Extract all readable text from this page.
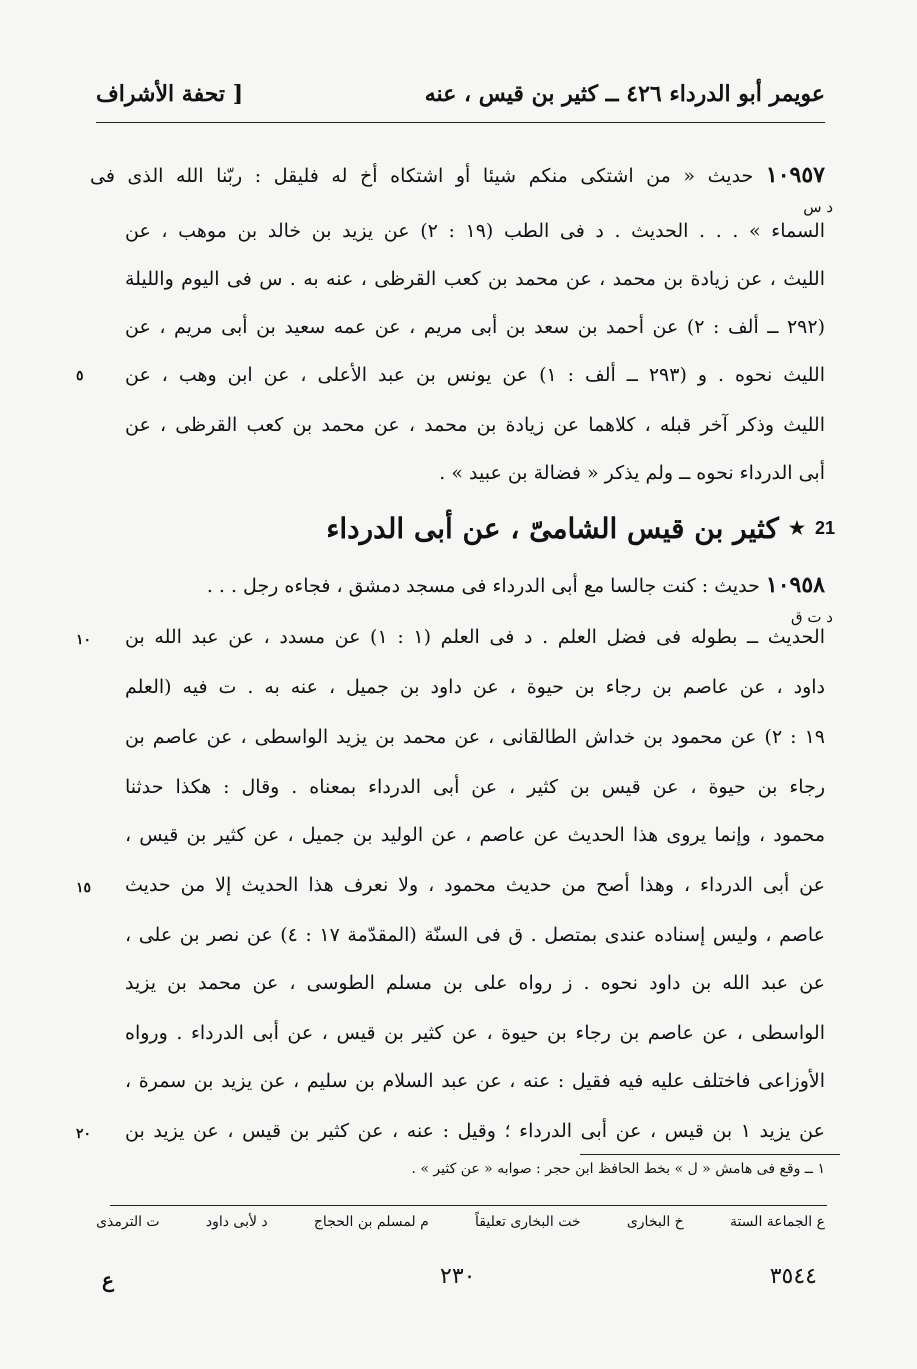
عويمر أبو الدرداء ٤٢٦ ــ كثير بن قيس ، عنه
[ تحفة الأشراف
د س
١٠٩٥٧ حديث « من اشتكى منكم شيئا أو اشتكاه أخ له فليقل : ربّنا الله الذى فى
السماء » . . . الحديث . د فى الطب (١٩ : ٢) عن يزيد بن خالد بن موهب ، عن
الليث ، عن زيادة بن محمد ، عن محمد بن كعب القرظى ، عنه به . س فى اليوم والليلة
(٢٩٢ ــ ألف : ٢) عن أحمد بن سعد بن أبى مريم ، عن عمه سعيد بن أبى مريم ، عن
الليث نحوه . و (٢٩٣ ــ ألف : ١) عن يونس بن عبد الأعلى ، عن ابن وهب ، عن
الليث وذكر آخر قبله ، كلاهما عن زيادة بن محمد ، عن محمد بن كعب القرظى ، عن
أبى الدرداء نحوه ــ ولم يذكر « فضالة بن عبيد » .
٥
21
★
كثير بن قيس الشامىّ ، عن أبى الدرداء
د ت ق
١٠٩٥٨ حديث : كنت جالسا مع أبى الدرداء فى مسجد دمشق ، فجاءه رجل . . .
الحديث ــ بطوله فى فضل العلم . د فى العلم (١ : ١) عن مسدد ، عن عبد الله بن
داود ، عن عاصم بن رجاء بن حيوة ، عن داود بن جميل ، عنه به . ت فيه (العلم
١٩ : ٢) عن محمود بن خداش الطالقانى ، عن محمد بن يزيد الواسطى ، عن عاصم بن
رجاء بن حيوة ، عن قيس بن كثير ، عن أبى الدرداء بمعناه . وقال : هكذا حدثنا
محمود ، وإنما يروى هذا الحديث عن عاصم ، عن الوليد بن جميل ، عن كثير بن قيس ،
عن أبى الدرداء ، وهذا أصح من حديث محمود ، ولا نعرف هذا الحديث إلا من حديث
عاصم ، وليس إسناده عندى بمتصل . ق فى السنّة (المقدّمة ١٧ : ٤) عن نصر بن على ،
عن عبد الله بن داود نحوه . ز رواه على بن مسلم الطوسى ، عن محمد بن يزيد
الواسطى ، عن عاصم بن رجاء بن حيوة ، عن كثير بن قيس ، عن أبى الدرداء . ورواه
الأوزاعى فاختلف عليه فيه فقيل : عنه ، عن عبد السلام بن سليم ، عن يزيد بن سمرة ،
عن يزيد ١ بن قيس ، عن أبى الدرداء ؛ وقيل : عنه ، عن كثير بن قيس ، عن يزيد بن
١٠
١٥
٢٠
١ ــ وقع فى هامش « ل » بخط الحافظ ابن حجر : صوابه « عن كثير » .
ع الجماعة الستة
خ البخارى
خت البخارى تعليقاً
م لمسلم بن الحجاج
د لأبى داود
ت الترمذى
ع	٢٣٠	٣٥٤٤
